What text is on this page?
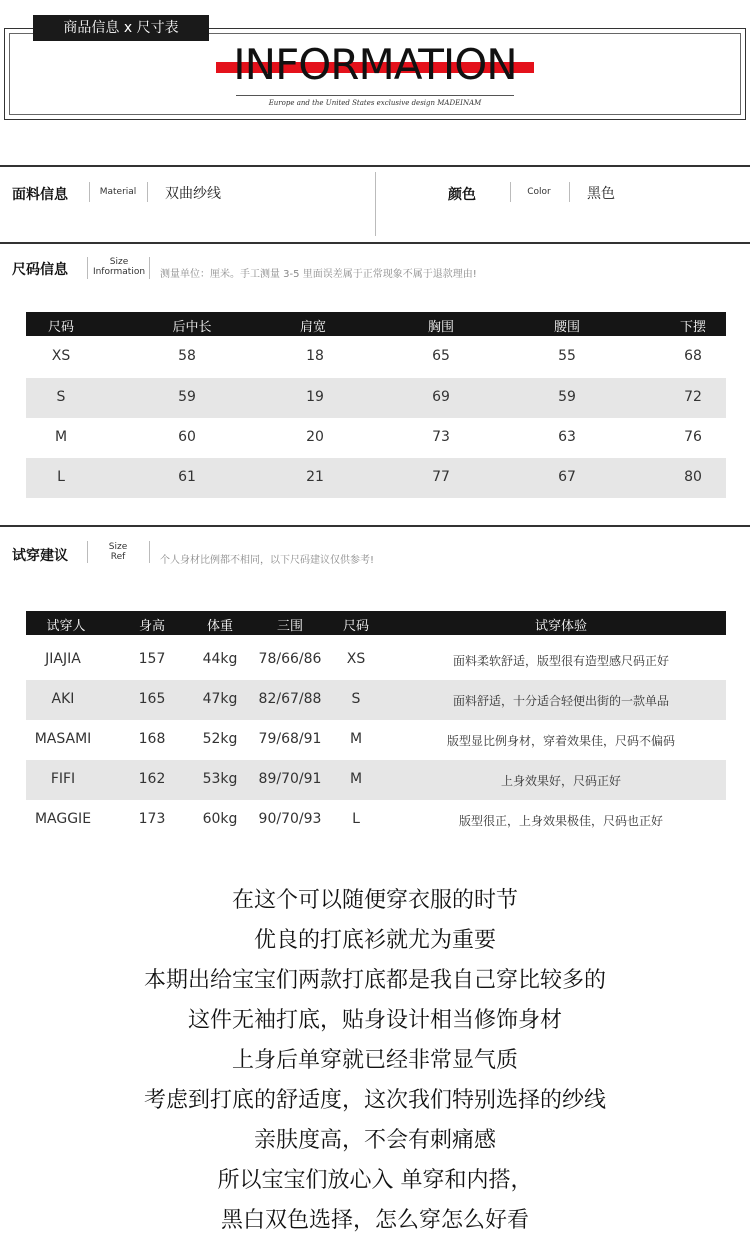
商品信息 x 尺寸表
INFORMATION
Europe and the United States exclusive design MADEINAM
面料信息	Material 双曲纱线	颜色	Color	黑色
尺码信息	Size
Information 测量单位：厘米。手工测量 3-5 里面误差属于正常现象不属于退款理由!
尺码	后中长	肩宽	胸围	腰围	下摆
XS	58	18	65	55	68
S	59	19	69	59	72
M	60	20	73	63	76
L	61	21	77	67	80
试穿建议
Size
Ref	个人身材比例都不相同，以下尺码建议仅供参考!
试穿人	身高	体重	三围	尺码	试穿体验
JIAJIA	157	44kg	78/66/86	XS	面料柔软舒适，版型很有造型感尺码正好
AKI	165	47kg	82/67/88	S	面料舒适，十分适合轻便出街的一款单品
MASAMI	168	52kg	79/68/91	M	版型显比例身材，穿着效果佳，尺码不偏码
FIFI	162	53kg	89/70/91	M	上身效果好，尺码正好
MAGGIE	173	60kg	90/70/93	L	版型很正，上身效果极佳，尺码也正好
在这个可以随便穿衣服的时节
优良的打底衫就尤为重要
本期出给宝宝们两款打底都是我自己穿比较多的
这件无袖打底，贴身设计相当修饰身材
上身后单穿就已经非常显气质
考虑到打底的舒适度，这次我们特别选择的纱线
亲肤度高，不会有刺痛感
所以宝宝们放心入 单穿和内搭，
黑白双色选择，怎么穿怎么好看
